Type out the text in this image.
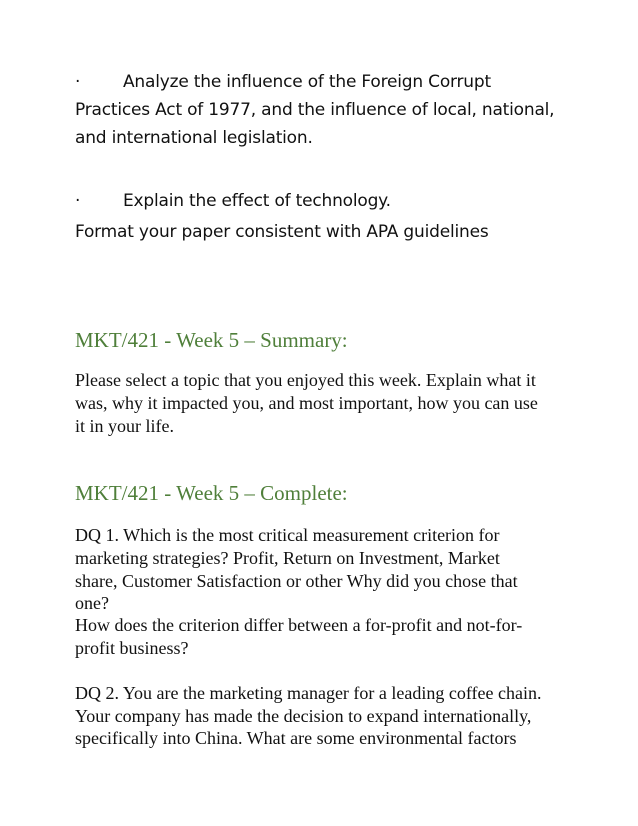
·	Analyze the influence of the Foreign Corrupt
Practices Act of 1977, and the influence of local, national,
and international legislation.
·	Explain the effect of technology.
Format your paper consistent with APA guidelines
MKT/421 - Week 5 – Summary:
Please select a topic that you enjoyed this week. Explain what it
was, why it impacted you, and most important, how you can use
it in your life.
MKT/421 - Week 5 – Complete:
DQ 1. Which is the most critical measurement criterion for
marketing strategies? Profit, Return on Investment, Market
share, Customer Satisfaction or other Why did you chose that
one?
How does the criterion differ between a for-profit and not-for-
profit business?
DQ 2. You are the marketing manager for a leading coffee chain.
Your company has made the decision to expand internationally,
specifically into China. What are some environmental factors
